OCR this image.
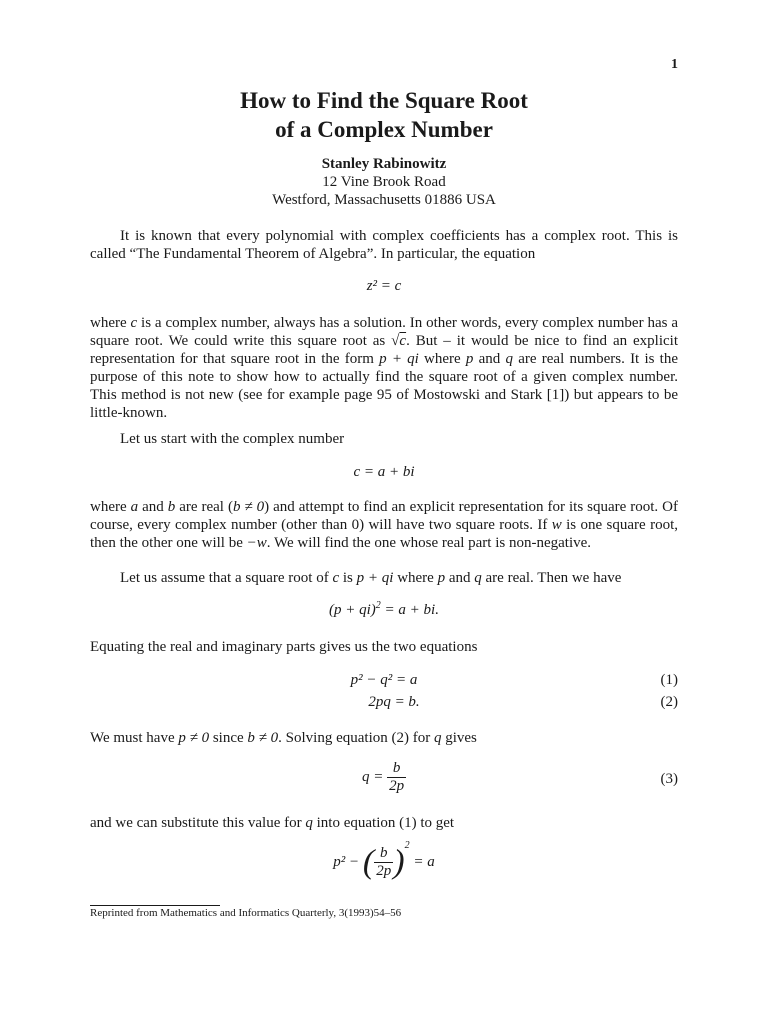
1
How to Find the Square Root
of a Complex Number
Stanley Rabinowitz
12 Vine Brook Road
Westford, Massachusetts 01886 USA
It is known that every polynomial with complex coefficients has a complex root. This is called “The Fundamental Theorem of Algebra”. In particular, the equation
z² = c
where c is a complex number, always has a solution. In other words, every complex number has a square root. We could write this square root as √c. But – it would be nice to find an explicit representation for that square root in the form p + qi where p and q are real numbers. It is the purpose of this note to show how to actually find the square root of a given complex number. This method is not new (see for example page 95 of Mostowski and Stark [1]) but appears to be little-known.
Let us start with the complex number
c = a + bi
where a and b are real (b ≠ 0) and attempt to find an explicit representation for its square root. Of course, every complex number (other than 0) will have two square roots. If w is one square root, then the other one will be −w. We will find the one whose real part is non-negative.
Let us assume that a square root of c is p + qi where p and q are real. Then we have
(p + qi)$^2$ = a + bi.
Equating the real and imaginary parts gives us the two equations
p² − q² = a	(1)
2pq = b.	(2)
We must have p ≠ 0 since b ≠ 0. Solving equation (2) for q gives
$q = \frac{b}{2p}$	(3)
and we can substitute this value for q into equation (1) to get
p² − ( $\frac{b}{2p} )^2 = a$
Reprinted from Mathematics and Informatics Quarterly, 3(1993)54–56
